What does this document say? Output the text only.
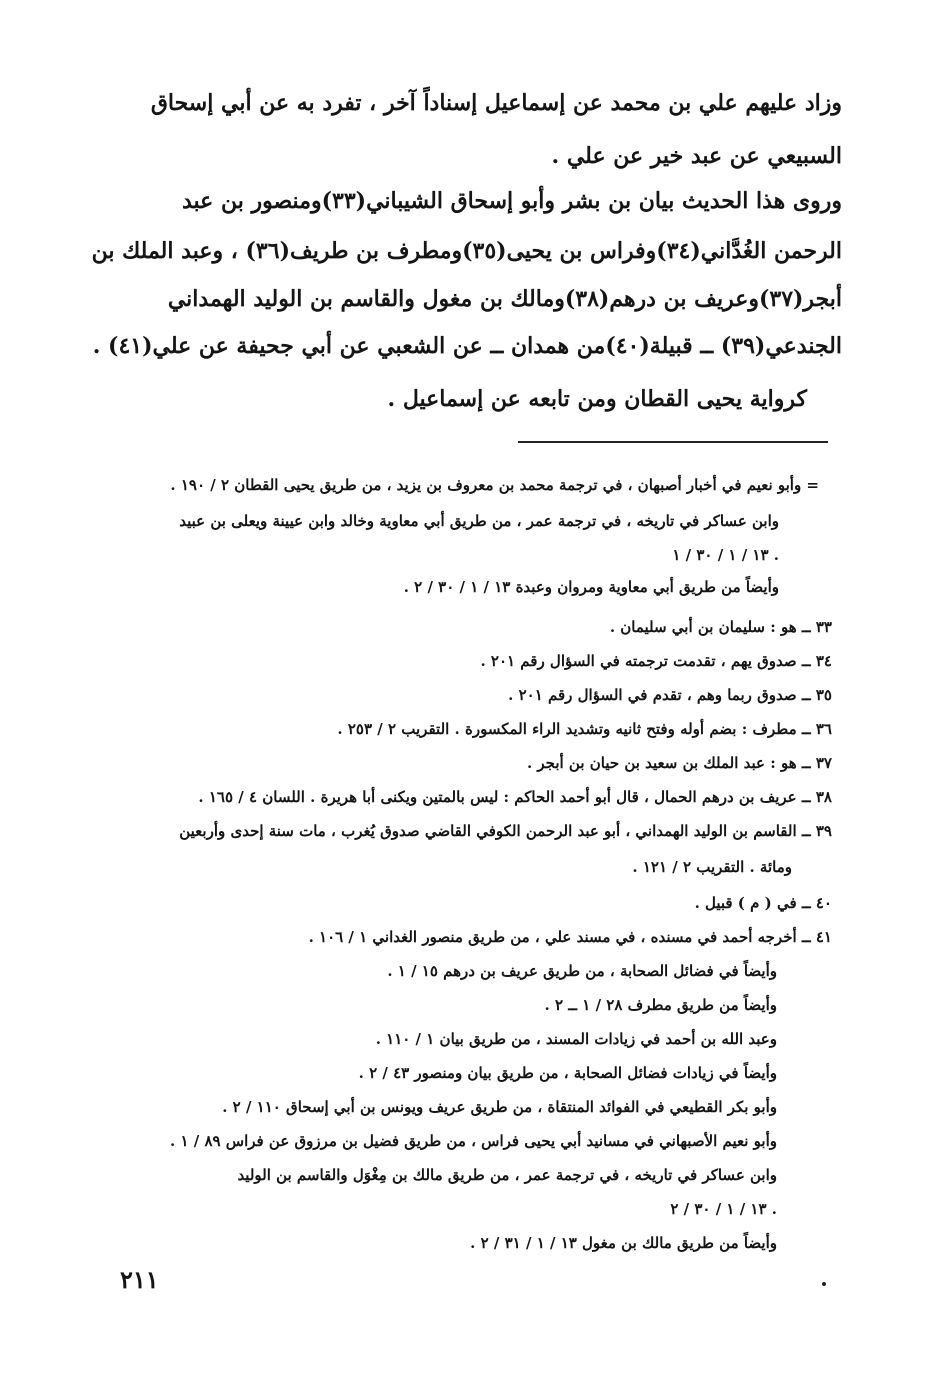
وزاد عليهم علي بن محمد عن إسماعيل إسناداً آخر ، تفرد به عن أبي إسحاق
السبيعي عن عبد خير عن علي .
وروى هذا الحديث بيان بن بشر وأبو إسحاق الشيباني(٣٣)ومنصور بن عبد
الرحمن الغُدَّاني(٣٤)وفراس بن يحيى(٣٥)ومطرف بن طريف(٣٦) ، وعبد الملك بن
أبجر(٣٧)وعريف بن درهم(٣٨)ومالك بن مغول والقاسم بن الوليد الهمداني
الجندعي(٣٩) ــ قبيلة(٤٠)من همدان ــ عن الشعبي عن أبي جحيفة عن علي(٤١) .
كرواية يحيى القطان ومن تابعه عن إسماعيل .
= وأبو نعيم في أخبار أصبهان ، في ترجمة محمد بن معروف بن يزيد ، من طريق يحيى القطان ٢ / ١٩٠ .
وابن عساكر في تاريخه ، في ترجمة عمر ، من طريق أبي معاوية وخالد وابن عيينة ويعلى بن عبيد
١٣ / ١ / ٣٠ / ١ .
وأيضاً من طريق أبي معاوية ومروان وعبدة ١٣ / ١ / ٣٠ / ٢ .
٣٣ ــ هو : سليمان بن أبي سليمان .
٣٤ ــ صدوق يهم ، تقدمت ترجمته في السؤال رقم ٢٠١ .
٣٥ ــ صدوق ربما وهم ، تقدم في السؤال رقم ٢٠١ .
٣٦ ــ مطرف : بضم أوله وفتح ثانيه وتشديد الراء المكسورة . التقريب ٢ / ٢٥٣ .
٣٧ ــ هو : عبد الملك بن سعيد بن حيان بن أبجر .
٣٨ ــ عريف بن درهم الحمال ، قال أبو أحمد الحاكم : ليس بالمتين ويكنى أبا هريرة . اللسان ٤ / ١٦٥ .
٣٩ ــ القاسم بن الوليد الهمداني ، أبو عبد الرحمن الكوفي القاضي صدوق يُغرب ، مات سنة إحدى وأربعين
ومائة . التقريب ٢ / ١٢١ .
٤٠ ــ في ( م ) قبيل .
٤١ ــ أخرجه أحمد في مسنده ، في مسند علي ، من طريق منصور الغداني ١ / ١٠٦ .
وأيضاً في فضائل الصحابة ، من طريق عريف بن درهم ١٥ / ١ .
وأيضاً من طريق مطرف ٢٨ / ١ ــ ٢ .
وعبد الله بن أحمد في زيادات المسند ، من طريق بيان ١ / ١١٠ .
وأيضاً في زيادات فضائل الصحابة ، من طريق بيان ومنصور ٤٣ / ٢ .
وأبو بكر القطيعي في الفوائد المنتقاة ، من طريق عريف ويونس بن أبي إسحاق ١١٠ / ٢ .
وأبو نعيم الأصبهاني في مسانيد أبي يحيى فراس ، من طريق فضيل بن مرزوق عن فراس ٨٩ / ١ .
وابن عساكر في تاريخه ، في ترجمة عمر ، من طريق مالك بن مِغْوَل والقاسم بن الوليد
١٣ / ١ / ٣٠ / ٢ .
وأيضاً من طريق مالك بن مغول ١٣ / ١ / ٣١ / ٢ .
٢١١
